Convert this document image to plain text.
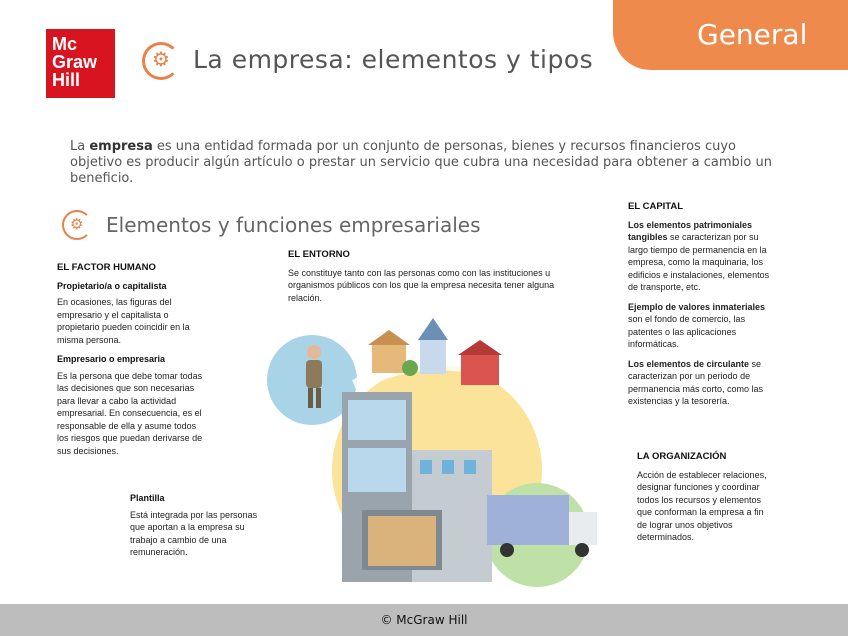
Mc
Graw
Hill
⚙
La empresa: elementos y tipos
General
La empresa es una entidad formada por un conjunto de personas, bienes y recursos financieros cuyo objetivo es producir algún artículo o prestar un servicio que cubra una necesidad para obtener a cambio un beneficio.
⚙
Elementos y funciones empresariales
EL FACTOR HUMANO
Propietario/a o capitalista

En ocasiones, las figuras del empresario y el capitalista o propietario pueden coincidir en la misma persona.

Empresario o empresaria

Es la persona que debe tomar todas las decisiones que son necesarias para llevar a cabo la actividad empresarial. En consecuencia, es el responsable de ella y asume todos los riesgos que puedan derivarse de sus decisiones.

Plantilla

Está integrada por las personas que aportan a la empresa su trabajo a cambio de una remuneración.

EL ENTORNO

Se constituye tanto con las personas como con las instituciones u organismos públicos con los que la empresa necesita tener alguna relación.

EL CAPITAL

Los elementos patrimoniales tangibles se caracterizan por su largo tiempo de permanencia en la empresa, como la maquinaria, los edificios e instalaciones, elementos de transporte, etc.

Ejemplo de valores inmateriales son el fondo de comercio, las patentes o las aplicaciones informáticas.

Los elementos de circulante se caracterizan por un periodo de permanencia más corto, como las existencias y la tesorería.

LA ORGANIZACIÓN

Acción de establecer relaciones, designar funciones y coordinar todos los recursos y elementos que conforman la empresa a fin de lograr unos objetivos determinados.

© McGraw Hill
